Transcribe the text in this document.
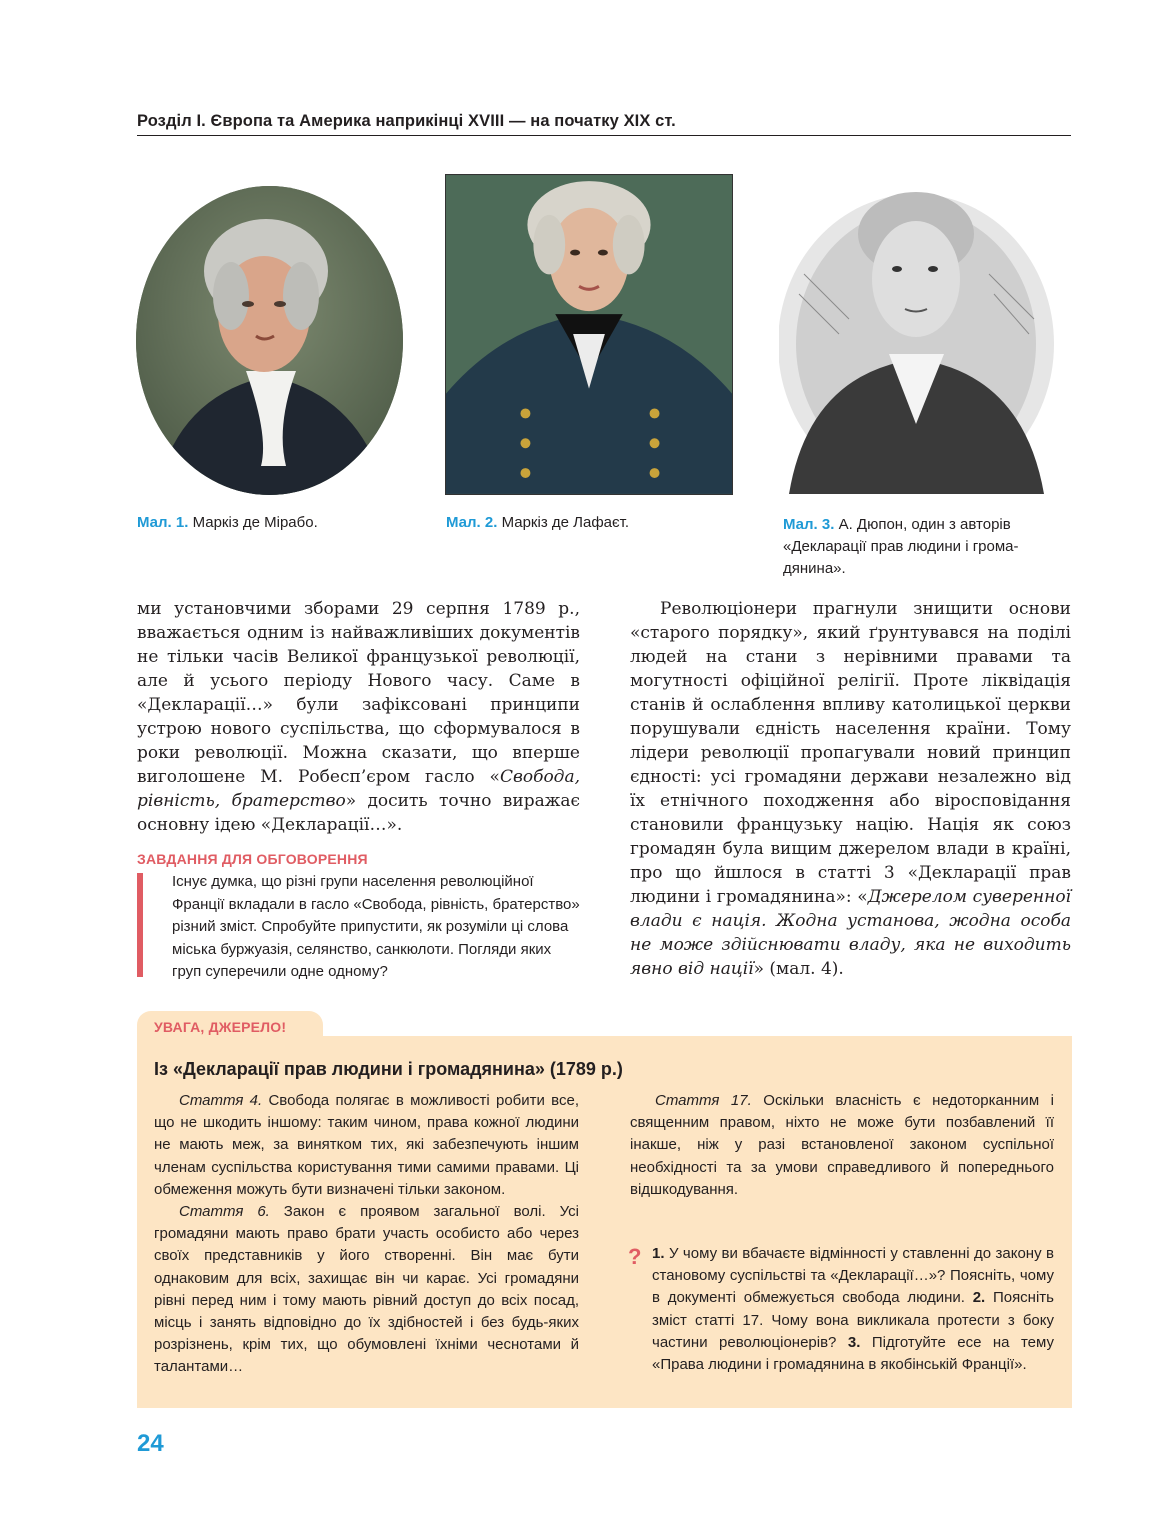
Розділ І. Європа та Америка наприкінці XVIII — на початку XIX ст.
Мал. 1. Маркіз де Мірабо.	Мал. 2. Маркіз де Лафаєт.	Мал. 3. А. Дюпон, один з авторів «Декларації прав людини і громадянина».

ми установчими зборами 29 серпня 1789 р., вважається одним із найважливіших документів не тільки часів Великої французької революції, але й усього періоду Нового часу. Саме в «Декларації…» були зафіксовані принципи устрою нового суспільства, що сформувалося в роки революції. Можна сказати, що вперше виголошене М. Робесп’єром гасло «Свобода, рівність, братерство» досить точно виражає основну ідею «Декларації…».

ЗАВДАННЯ ДЛЯ ОБГОВОРЕННЯ
Існує думка, що різні групи населення революційної Франції вкладали в гасло «Свобода, рівність, братерство» різний зміст. Спробуйте припустити, як розуміли ці слова міська буржуазія, селянство, санкюлоти. Погляди яких груп суперечили одне одному?

Революціонери прагнули знищити основи «старого порядку», який ґрунтувався на поділі людей на стани з нерівними правами та могутності офіційної релігії. Проте ліквідація станів й ослаблення впливу католицької церкви порушували єдність населення країни. Тому лідери революції пропагували новий принцип єдності: усі громадяни держави незалежно від їх етнічного походження або віросповідання становили французьку націю. Нація як союз громадян була вищим джерелом влади в країні, про що йшлося в статті 3 «Декларації прав людини і громадянина»: «Джерелом суверенної влади є нація. Жодна установа, жодна особа не може здійснювати владу, яка не виходить явно від нації» (мал. 4).

УВАГА, ДЖЕРЕЛО!
Із «Декларації прав людини і громадянина» (1789 р.)

Стаття 4. Свобода полягає в можливості робити все, що не шкодить іншому: таким чином, права кожної людини не мають меж, за винятком тих, які забезпечують іншим членам суспільства користування тими самими правами. Ці обмеження можуть бути визначені тільки законом.

Стаття 6. Закон є проявом загальної волі. Усі громадяни мають право брати участь особисто або через своїх представників у його створенні. Він має бути однаковим для всіх, захищає він чи карає. Усі громадяни рівні перед ним і тому мають рівний доступ до всіх посад, місць і занять відповідно до їх здібностей і без будь-яких розрізнень, крім тих, що обумовлені їхніми чеснотами й талантами…

Стаття 17. Оскільки власність є недоторканним і священним правом, ніхто не може бути позбавлений її інакше, ніж у разі встановленої законом суспільної необхідності та за умови справедливого й попереднього відшкодування.

? 1. У чому ви вбачаєте відмінності у ставленні до закону в становому суспільстві та «Декларації…»? Поясніть, чому в документі обмежується свобода людини. 2. Поясніть зміст статті 17. Чому вона викликала протести з боку частини революціонерів? 3. Підготуйте есе на тему «Права людини і громадянина в якобінській Франції».
24
